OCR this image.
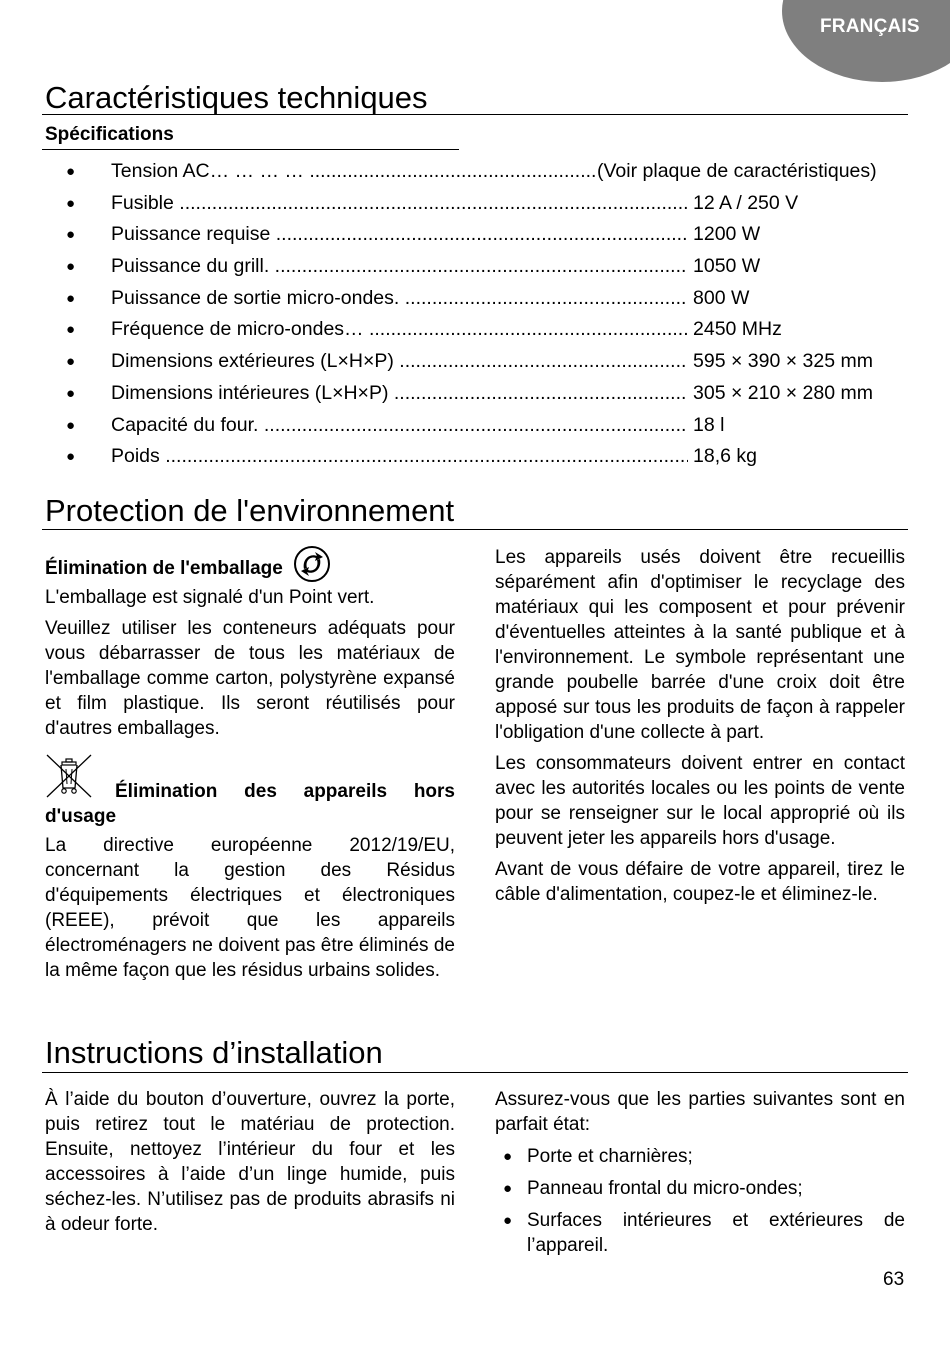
FRANÇAIS
Caractéristiques techniques
Spécifications
● Tension AC… … … … .....	(Voir plaque de caractéristiques)
● Fusible .....	12 A / 250 V
● Puissance requise .....	1200 W
● Puissance du grill. .....	1050 W
● Puissance de sortie micro-ondes. .....	800 W
● Fréquence de micro-ondes… .....	2450 MHz
● Dimensions extérieures (L×H×P) .....	595 × 390 × 325 mm
● Dimensions intérieures (L×H×P) .....	305 × 210 × 280 mm
● Capacité du four. .....	18 l
● Poids .....	18,6 kg
Protection de l'environnement
Élimination de l'emballage

L'emballage est signalé d'un Point vert.

Veuillez utiliser les conteneurs adéquats pour vous débarrasser de tous les matériaux de l'emballage comme carton, polystyrène expansé et film plastique. Ils seront réutilisés pour d'autres emballages.

Élimination des appareils hors d'usage

La directive européenne 2012/19/EU, concernant la gestion des Résidus d'équipements électriques et électroniques (REEE), prévoit que les appareils électroménagers ne doivent pas être éliminés de la même façon que les résidus urbains solides.

Les appareils usés doivent être recueillis séparément afin d'optimiser le recyclage des matériaux qui les composent et pour prévenir d'éventuelles atteintes à la santé publique et à l'environnement. Le symbole représentant une grande poubelle barrée d'une croix doit être apposé sur tous les produits de façon à rappeler l'obligation d'une collecte à part.

Les consommateurs doivent entrer en contact avec les autorités locales ou les points de vente pour se renseigner sur le local approprié où ils peuvent jeter les appareils hors d'usage.

Avant de vous défaire de votre appareil, tirez le câble d'alimentation, coupez-le et éliminez-le.

Instructions d’installation

À l’aide du bouton d’ouverture, ouvrez la porte, puis retirez tout le matériau de protection. Ensuite, nettoyez l’intérieur du four et les accessoires à l’aide d’un linge humide, puis séchez-les. N’utilisez pas de produits abrasifs ni à odeur forte.

Assurez-vous que les parties suivantes sont en parfait état:

● Porte et charnières;
● Panneau frontal du micro-ondes;
● Surfaces intérieures et extérieures de l’appareil.
63
